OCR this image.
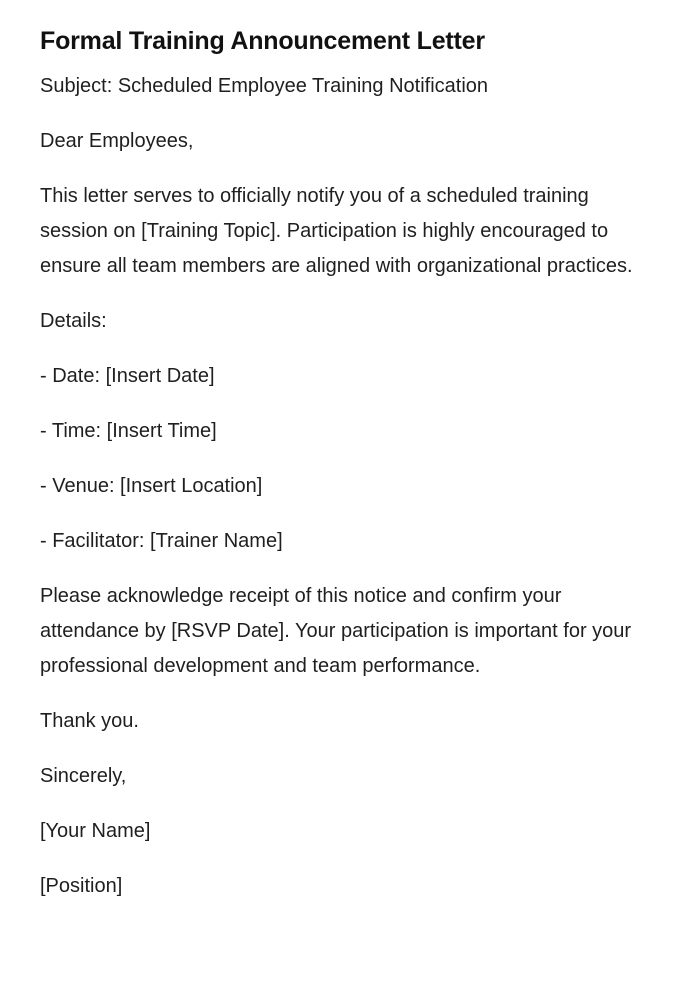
Formal Training Announcement Letter

Subject: Scheduled Employee Training Notification

Dear Employees,

This letter serves to officially notify you of a scheduled training session on [Training Topic]. Participation is highly encouraged to ensure all team members are aligned with organizational practices.

Details:

- Date: [Insert Date]

- Time: [Insert Time]

- Venue: [Insert Location]

- Facilitator: [Trainer Name]

Please acknowledge receipt of this notice and confirm your attendance by [RSVP Date]. Your participation is important for your professional development and team performance.

Thank you.

Sincerely,

[Your Name]

[Position]
